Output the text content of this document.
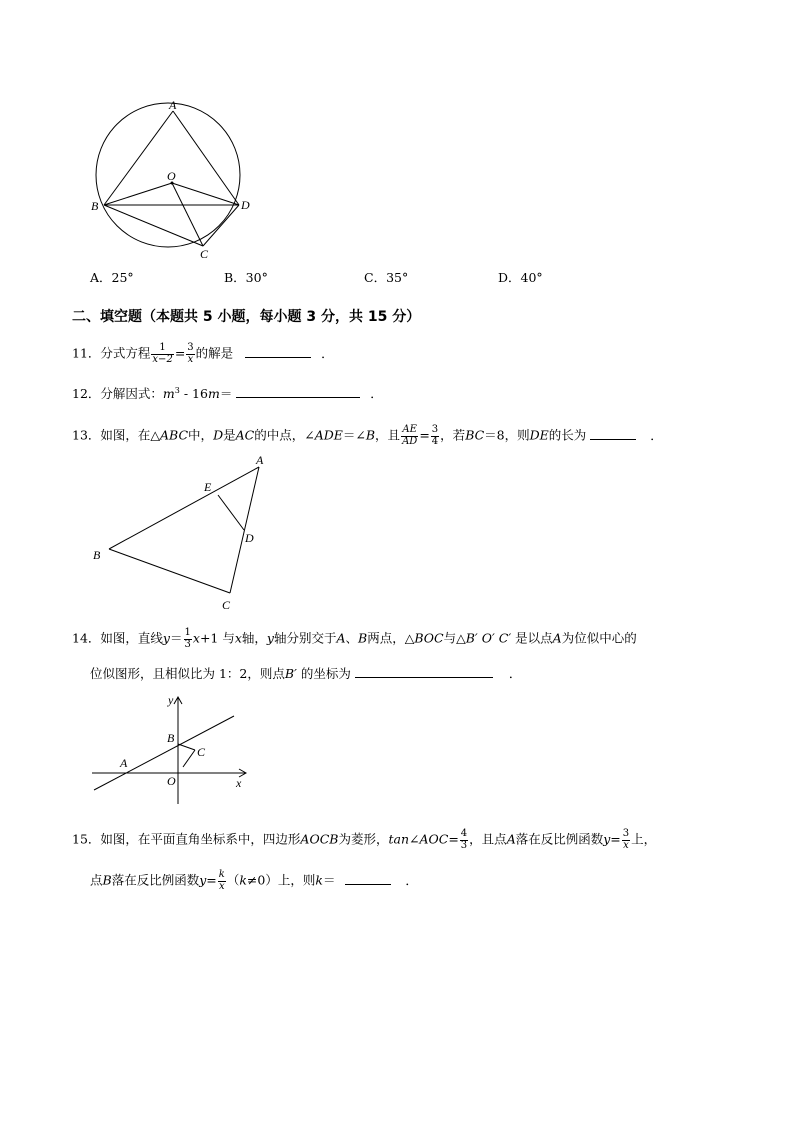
A
O
B	D
C
A．25°	B．30°	C．35°	D．40°
二、填空题（本题共 5 小题，每小题 3 分，共 15 分）
11．分式方程 $\frac{1}{x-2} = \frac{3}{x}$ 的解是	．
12．分解因式：$m^3 - 16m=$	．
13．如图，在△ABC中，D是AC的中点，∠ADE＝∠B，且 $\frac{AE}{AD} = \frac{3}{4}$ ，若BC＝8，则DE的长为	．
A
E
D
B
C
14．如图，直线$y= \frac{1}{3} x+1$ 与x轴，y轴分别交于A、B两点，△BOC与△B′ O′ C′ 是以点A为位似中心的
位似图形，且相似比为 1：2，则点B′ 的坐标为	．
y
B
C
A
O	x
15．如图，在平面直角坐标系中，四边形AOCB为菱形，tan∠AOC= $\frac{4}{3}$ ，且点A落在反比例函数$y= \frac{3}{x}$ 上，
点B落在反比例函数$y= \frac{k}{x} (k\ne 0)$上，则k＝	．
